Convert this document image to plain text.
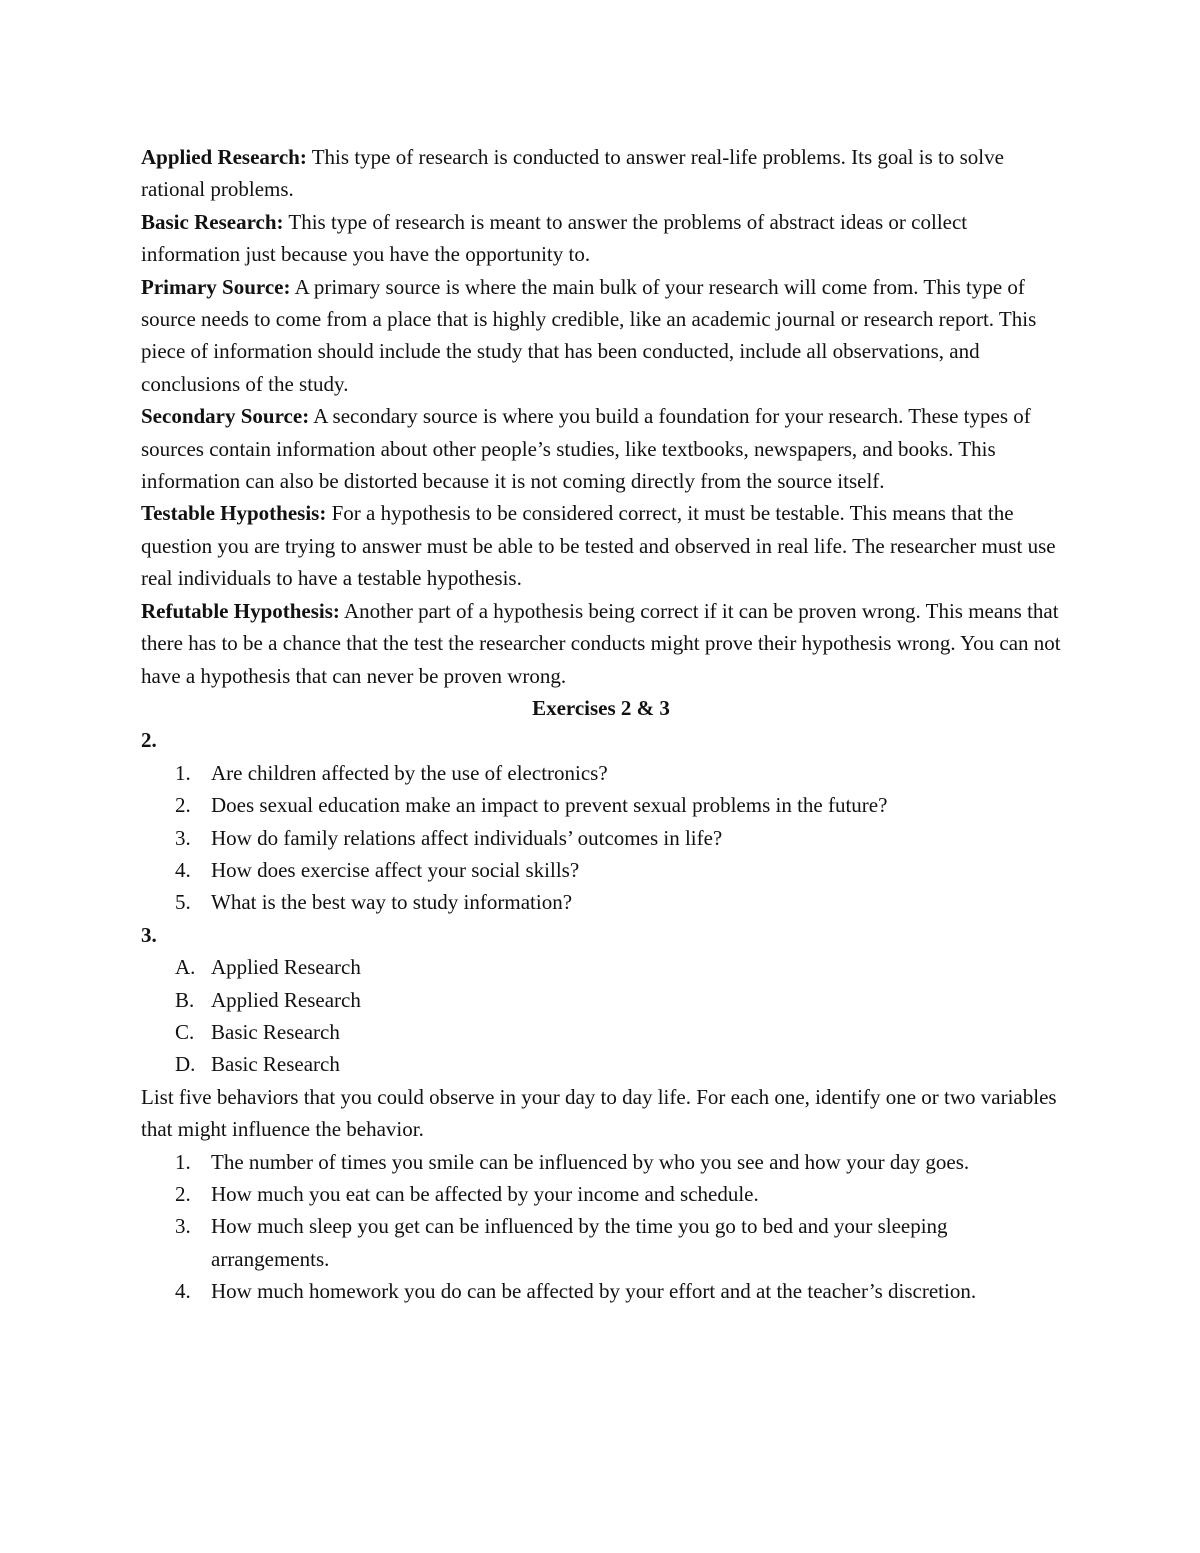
Applied Research: This type of research is conducted to answer real-life problems. Its goal is to solve rational problems.

Basic Research: This type of research is meant to answer the problems of abstract ideas or collect information just because you have the opportunity to.

Primary Source: A primary source is where the main bulk of your research will come from. This type of source needs to come from a place that is highly credible, like an academic journal or research report. This piece of information should include the study that has been conducted, include all observations, and conclusions of the study.

Secondary Source: A secondary source is where you build a foundation for your research. These types of sources contain information about other people’s studies, like textbooks, newspapers, and books. This information can also be distorted because it is not coming directly from the source itself.

Testable Hypothesis: For a hypothesis to be considered correct, it must be testable. This means that the question you are trying to answer must be able to be tested and observed in real life. The researcher must use real individuals to have a testable hypothesis.

Refutable Hypothesis: Another part of a hypothesis being correct if it can be proven wrong. This means that there has to be a chance that the test the researcher conducts might prove their hypothesis wrong. You can not have a hypothesis that can never be proven wrong.

Exercises 2 & 3

2.

1. Are children affected by the use of electronics?
2. Does sexual education make an impact to prevent sexual problems in the future?
3. How do family relations affect individuals’ outcomes in life?
4. How does exercise affect your social skills?
5. What is the best way to study information?

3.

A. Applied Research
B. Applied Research
C. Basic Research
D. Basic Research

List five behaviors that you could observe in your day to day life. For each one, identify one or two variables that might influence the behavior.

1. The number of times you smile can be influenced by who you see and how your day goes.
2. How much you eat can be affected by your income and schedule.
3. How much sleep you get can be influenced by the time you go to bed and your sleeping arrangements.
4. How much homework you do can be affected by your effort and at the teacher’s discretion.
